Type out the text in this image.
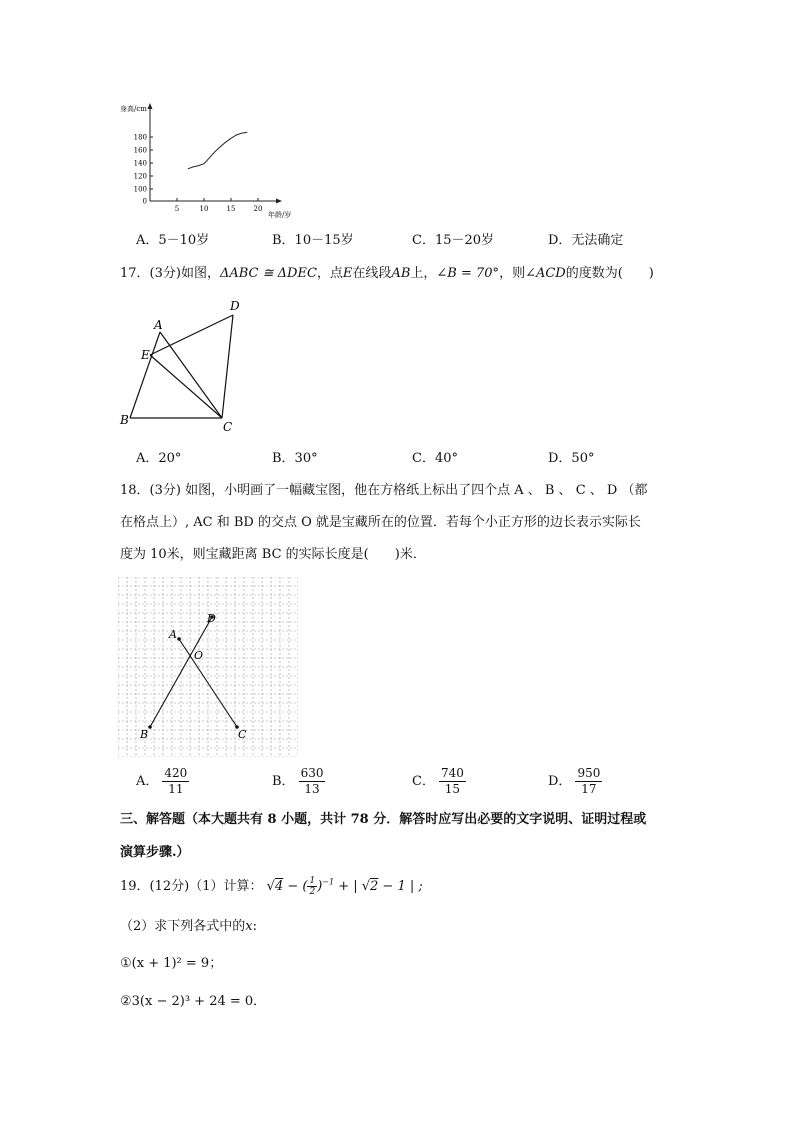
身高/cm
5	10	15	20
0
100
120
140
160
180
年龄/岁
A．5－10岁	B．10－15岁	C．15－20岁	D．无法确定
17．(3分)如图，ΔABC ≅ ΔDEC，点E在线段AB上，∠B = 70°，则∠ACD的度数为(　　)
A
B	C
D
E
A．20°	B．30°	C．40°	D．50°
18．(3分) 如图，小明画了一幅藏宝图，他在方格纸上标出了四个点 A 、 B 、 C 、 D （都
在格点上）, AC 和 BD 的交点 O 就是宝藏所在的位置．若每个小正方形的边长表示实际长
度为 10米，则宝藏距离 BC 的实际长度是(　　)米．
A
B	C
D
O
A． $\frac{420}{11}$	B． $\frac{630}{13}$	C． $\frac{740}{15}$	D． $\frac{950}{17}$
三、解答题（本大题共有 8 小题，共计 78 分．解答时应写出必要的文字说明、证明过程或
演算步骤.）
19．(12分)（1）计算： √4 − ( $\frac{1}{2} )^{-1}$ + | √2 − 1 | ;
（2）求下列各式中的x:
①(x + 1)² = 9；
②3(x − 2)³ + 24 = 0．
